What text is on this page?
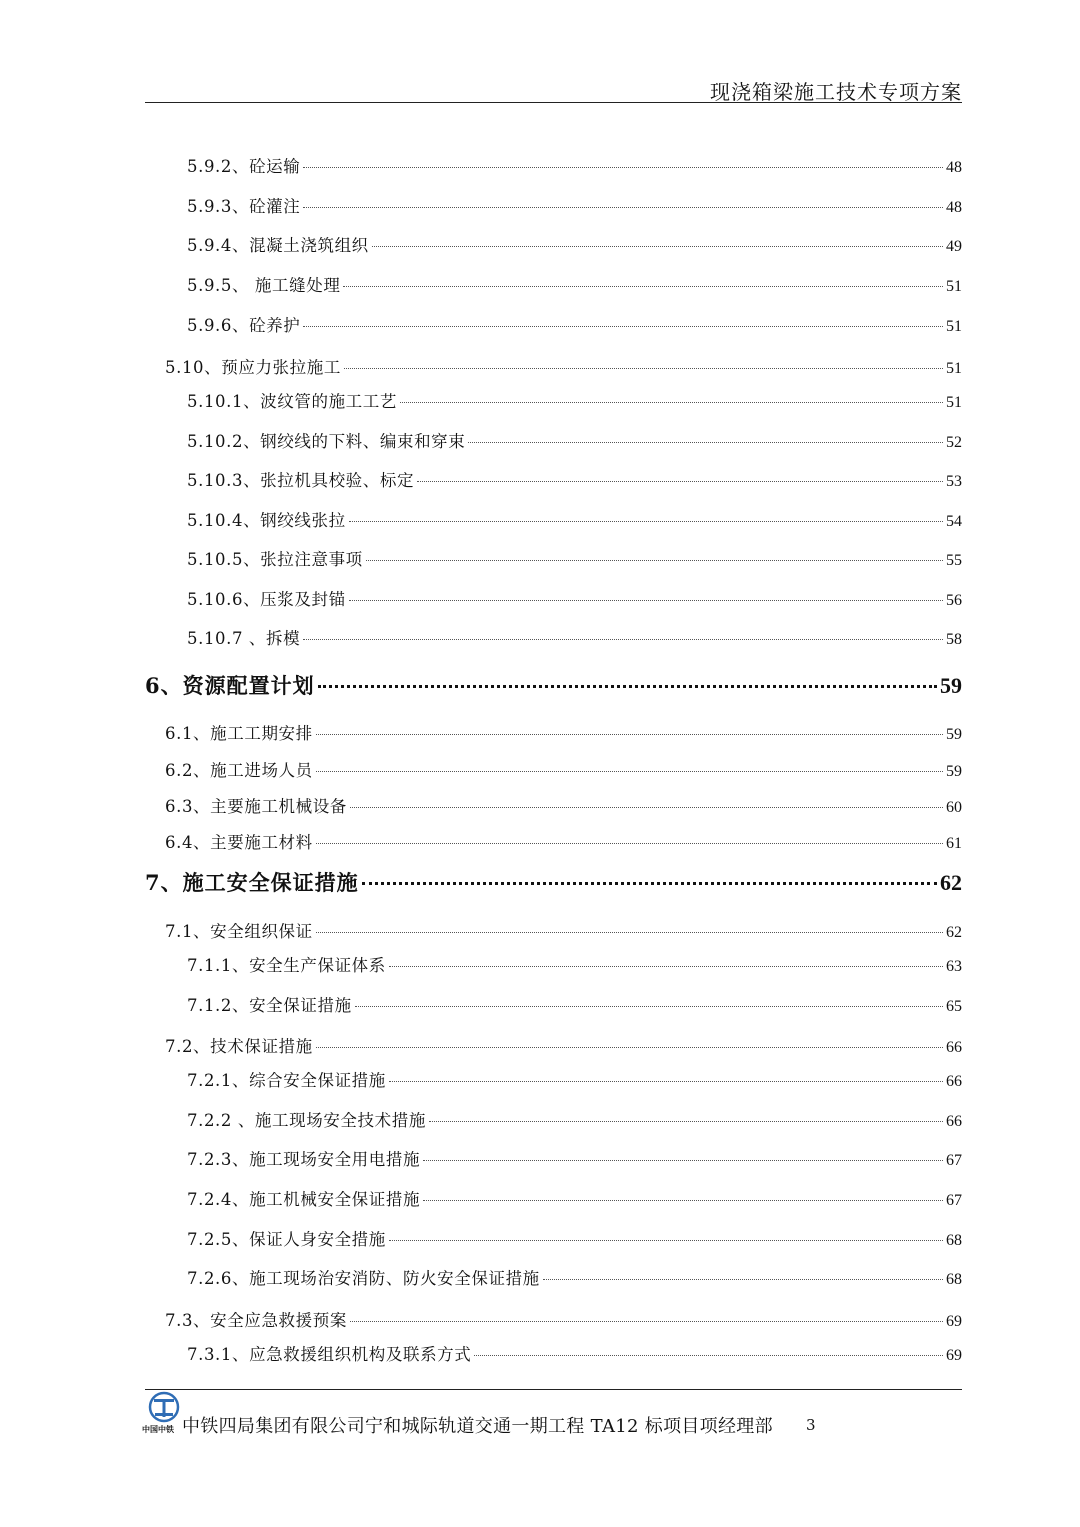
现浇箱梁施工技术专项方案
5.9.2、砼运输	48
5.9.3、砼灌注	48
5.9.4、混凝土浇筑组织	49
5.9.5、 施工缝处理	51
5.9.6、砼养护	51
5.10、预应力张拉施工	51
5.10.1、波纹管的施工工艺	51
5.10.2、钢绞线的下料、编束和穿束	52
5.10.3、张拉机具校验、标定	53
5.10.4、钢绞线张拉	54
5.10.5、张拉注意事项	55
5.10.6、压浆及封锚	56
5.10.7 、拆模	58
6、资源配置计划	59
6.1、施工工期安排	59
6.2、施工进场人员	59
6.3、主要施工机械设备	60
6.4、主要施工材料	61
7、施工安全保证措施	62
7.1、安全组织保证	62
7.1.1、安全生产保证体系	63
7.1.2、安全保证措施	65
7.2、技术保证措施	66
7.2.1、综合安全保证措施	66
7.2.2 、施工现场安全技术措施	66
7.2.3、施工现场安全用电措施	67
7.2.4、施工机械安全保证措施	67
7.2.5、保证人身安全措施	68
7.2.6、施工现场治安消防、防火安全保证措施	68
7.3、安全应急救援预案	69
7.3.1、应急救援组织机构及联系方式	69
中国中铁 中铁四局集团有限公司宁和城际轨道交通一期工程 TA12 标项目项经理部 3
